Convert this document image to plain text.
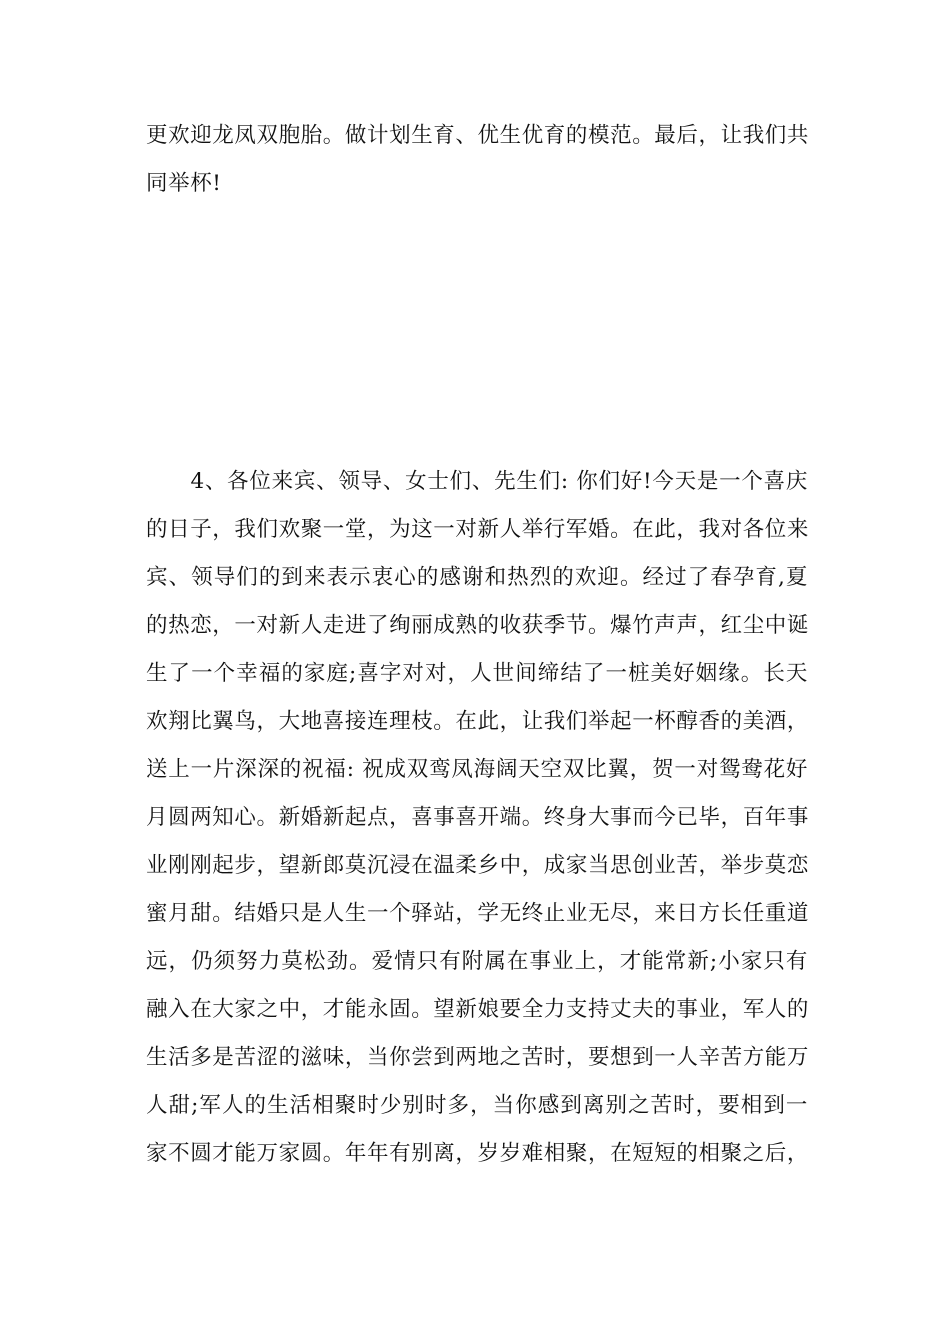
更欢迎龙凤双胞胎。做计划生育、优生优育的模范。最后，让我们共
同举杯!

　　4、各位来宾、领导、女士们、先生们: 你们好!今天是一个喜庆
的日子，我们欢聚一堂，为这一对新人举行军婚。在此，我对各位来
宾、领导们的到来表示衷心的感谢和热烈的欢迎。经过了春孕育,夏
的热恋，一对新人走进了绚丽成熟的收获季节。爆竹声声，红尘中诞
生了一个幸福的家庭;喜字对对，人世间缔结了一桩美好姻缘。长天
欢翔比翼鸟，大地喜接连理枝。在此，让我们举起一杯醇香的美酒，
送上一片深深的祝福: 祝成双鸾凤海阔天空双比翼，贺一对鸳鸯花好
月圆两知心。新婚新起点，喜事喜开端。终身大事而今已毕，百年事
业刚刚起步，望新郎莫沉浸在温柔乡中，成家当思创业苦，举步莫恋
蜜月甜。结婚只是人生一个驿站，学无终止业无尽，来日方长任重道
远，仍须努力莫松劲。爱情只有附属在事业上，才能常新;小家只有
融入在大家之中，才能永固。望新娘要全力支持丈夫的事业，军人的
生活多是苦涩的滋味，当你尝到两地之苦时，要想到一人辛苦方能万
人甜;军人的生活相聚时少别时多，当你感到离别之苦时，要相到一
家不圆才能万家圆。年年有别离，岁岁难相聚，在短短的相聚之后，
